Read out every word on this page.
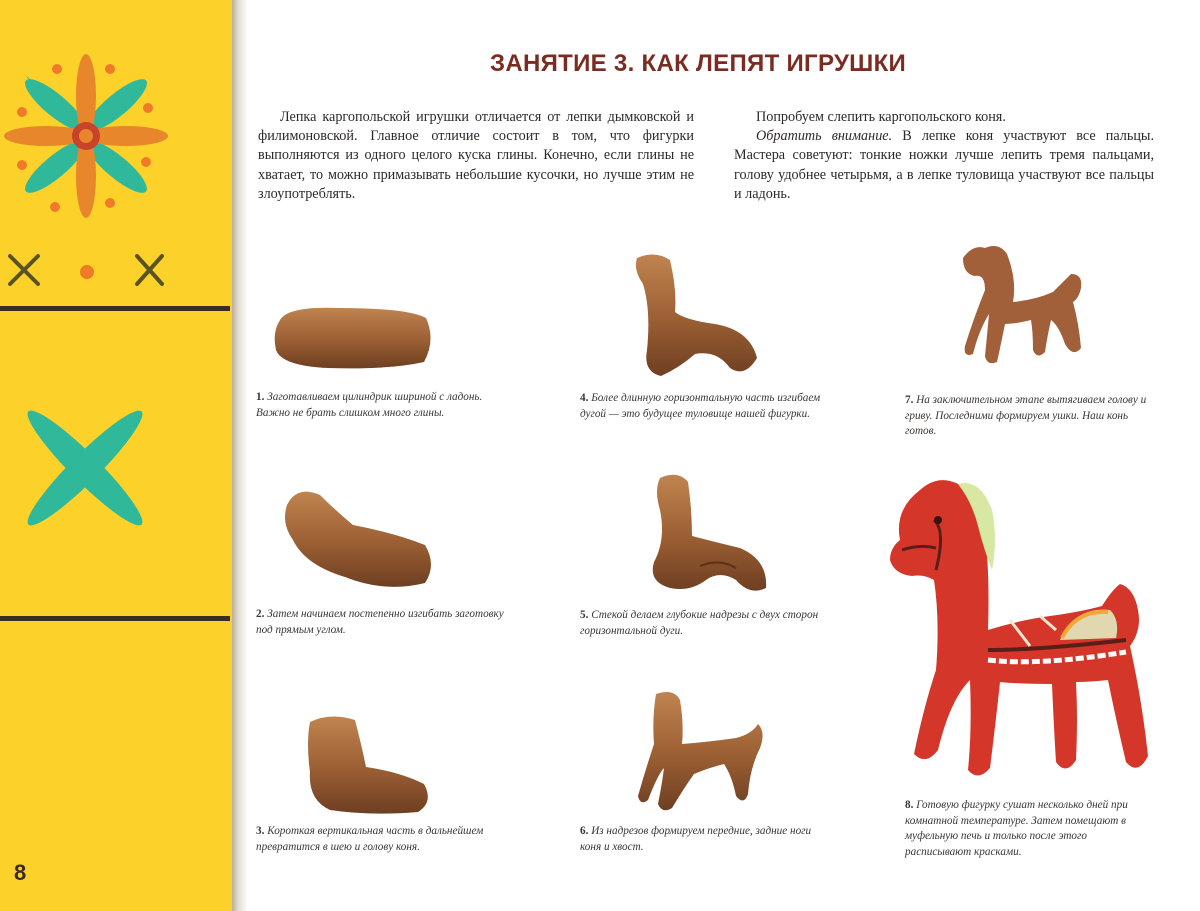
8
ЗАНЯТИЕ 3. КАК ЛЕПЯТ ИГРУШКИ

Лепка каргопольской игрушки отличается от лепки дымковской и филимоновской. Главное отличие состоит в том, что фигурки выполняются из одного целого куска глины. Конечно, если глины не хватает, то можно примазывать небольшие кусочки, но лучше этим не злоупотреблять.

Попробуем слепить каргопольского коня.

Обратить внимание. В лепке коня участвуют все пальцы. Мастера советуют: тонкие ножки лучше лепить тремя пальцами, голову удобнее четырьмя, а в лепке туловища участвуют все пальцы и ладонь.

1. Заготавливаем цилиндрик шириной с ладонь. Важно не брать слишком много глины.
2. Затем начинаем постепенно изгибать заготовку под прямым углом.
3. Короткая вертикальная часть в дальнейшем превратится в шею и голову коня.
4. Более длинную горизонтальную часть изгибаем дугой — это будущее туловище нашей фигурки.
5. Стекой делаем глубокие надрезы с двух сторон горизонтальной дуги.
6. Из надрезов формируем передние, задние ноги коня и хвост.
7. На заключительном этапе вытягиваем голову и гриву. Последними формируем ушки. Наш конь готов.
8. Готовую фигурку сушат несколько дней при комнатной температуре. Затем помещают в муфельную печь и только после этого расписывают красками.
